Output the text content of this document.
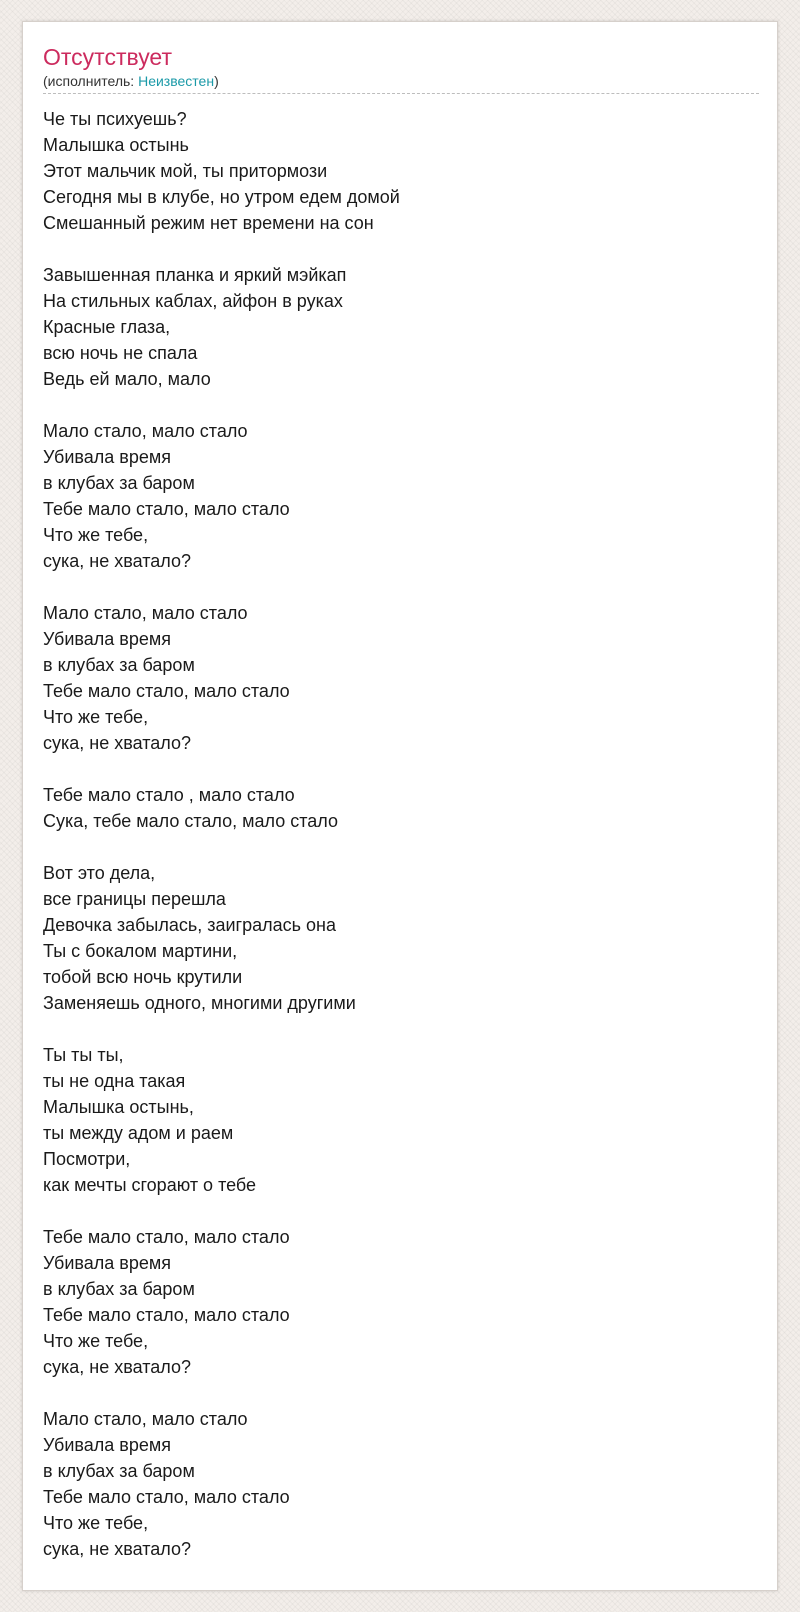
Отсутствует
(исполнитель: Неизвестен)
Че ты психуешь?
Малышка остынь
Этот мальчик мой, ты притормози
Сегодня мы в клубе, но утром едем домой
Смешанный режим нет времени на сон
Завышенная планка и яркий мэйкап
На стильных каблах, айфон в руках
Красные глаза,
всю ночь не спала
Ведь ей мало, мало
Мало стало, мало стало
Убивала время
в клубах за баром
Тебе мало стало, мало стало
Что же тебе,
сука, не хватало?
Мало стало, мало стало
Убивала время
в клубах за баром
Тебе мало стало, мало стало
Что же тебе,
сука, не хватало?
Тебе мало стало , мало стало
Сука, тебе мало стало, мало стало
Вот это дела,
все границы перешла
Девочка забылась, заигралась она
Ты с бокалом мартини,
тобой всю ночь крутили
Заменяешь одного, многими другими
Ты ты ты,
ты не одна такая
Малышка остынь,
ты между адом и раем
Посмотри,
как мечты сгорают о тебе
Тебе мало стало, мало стало
Убивала время
в клубах за баром
Тебе мало стало, мало стало
Что же тебе,
сука, не хватало?
Мало стало, мало стало
Убивала время
в клубах за баром
Тебе мало стало, мало стало
Что же тебе,
сука, не хватало?
